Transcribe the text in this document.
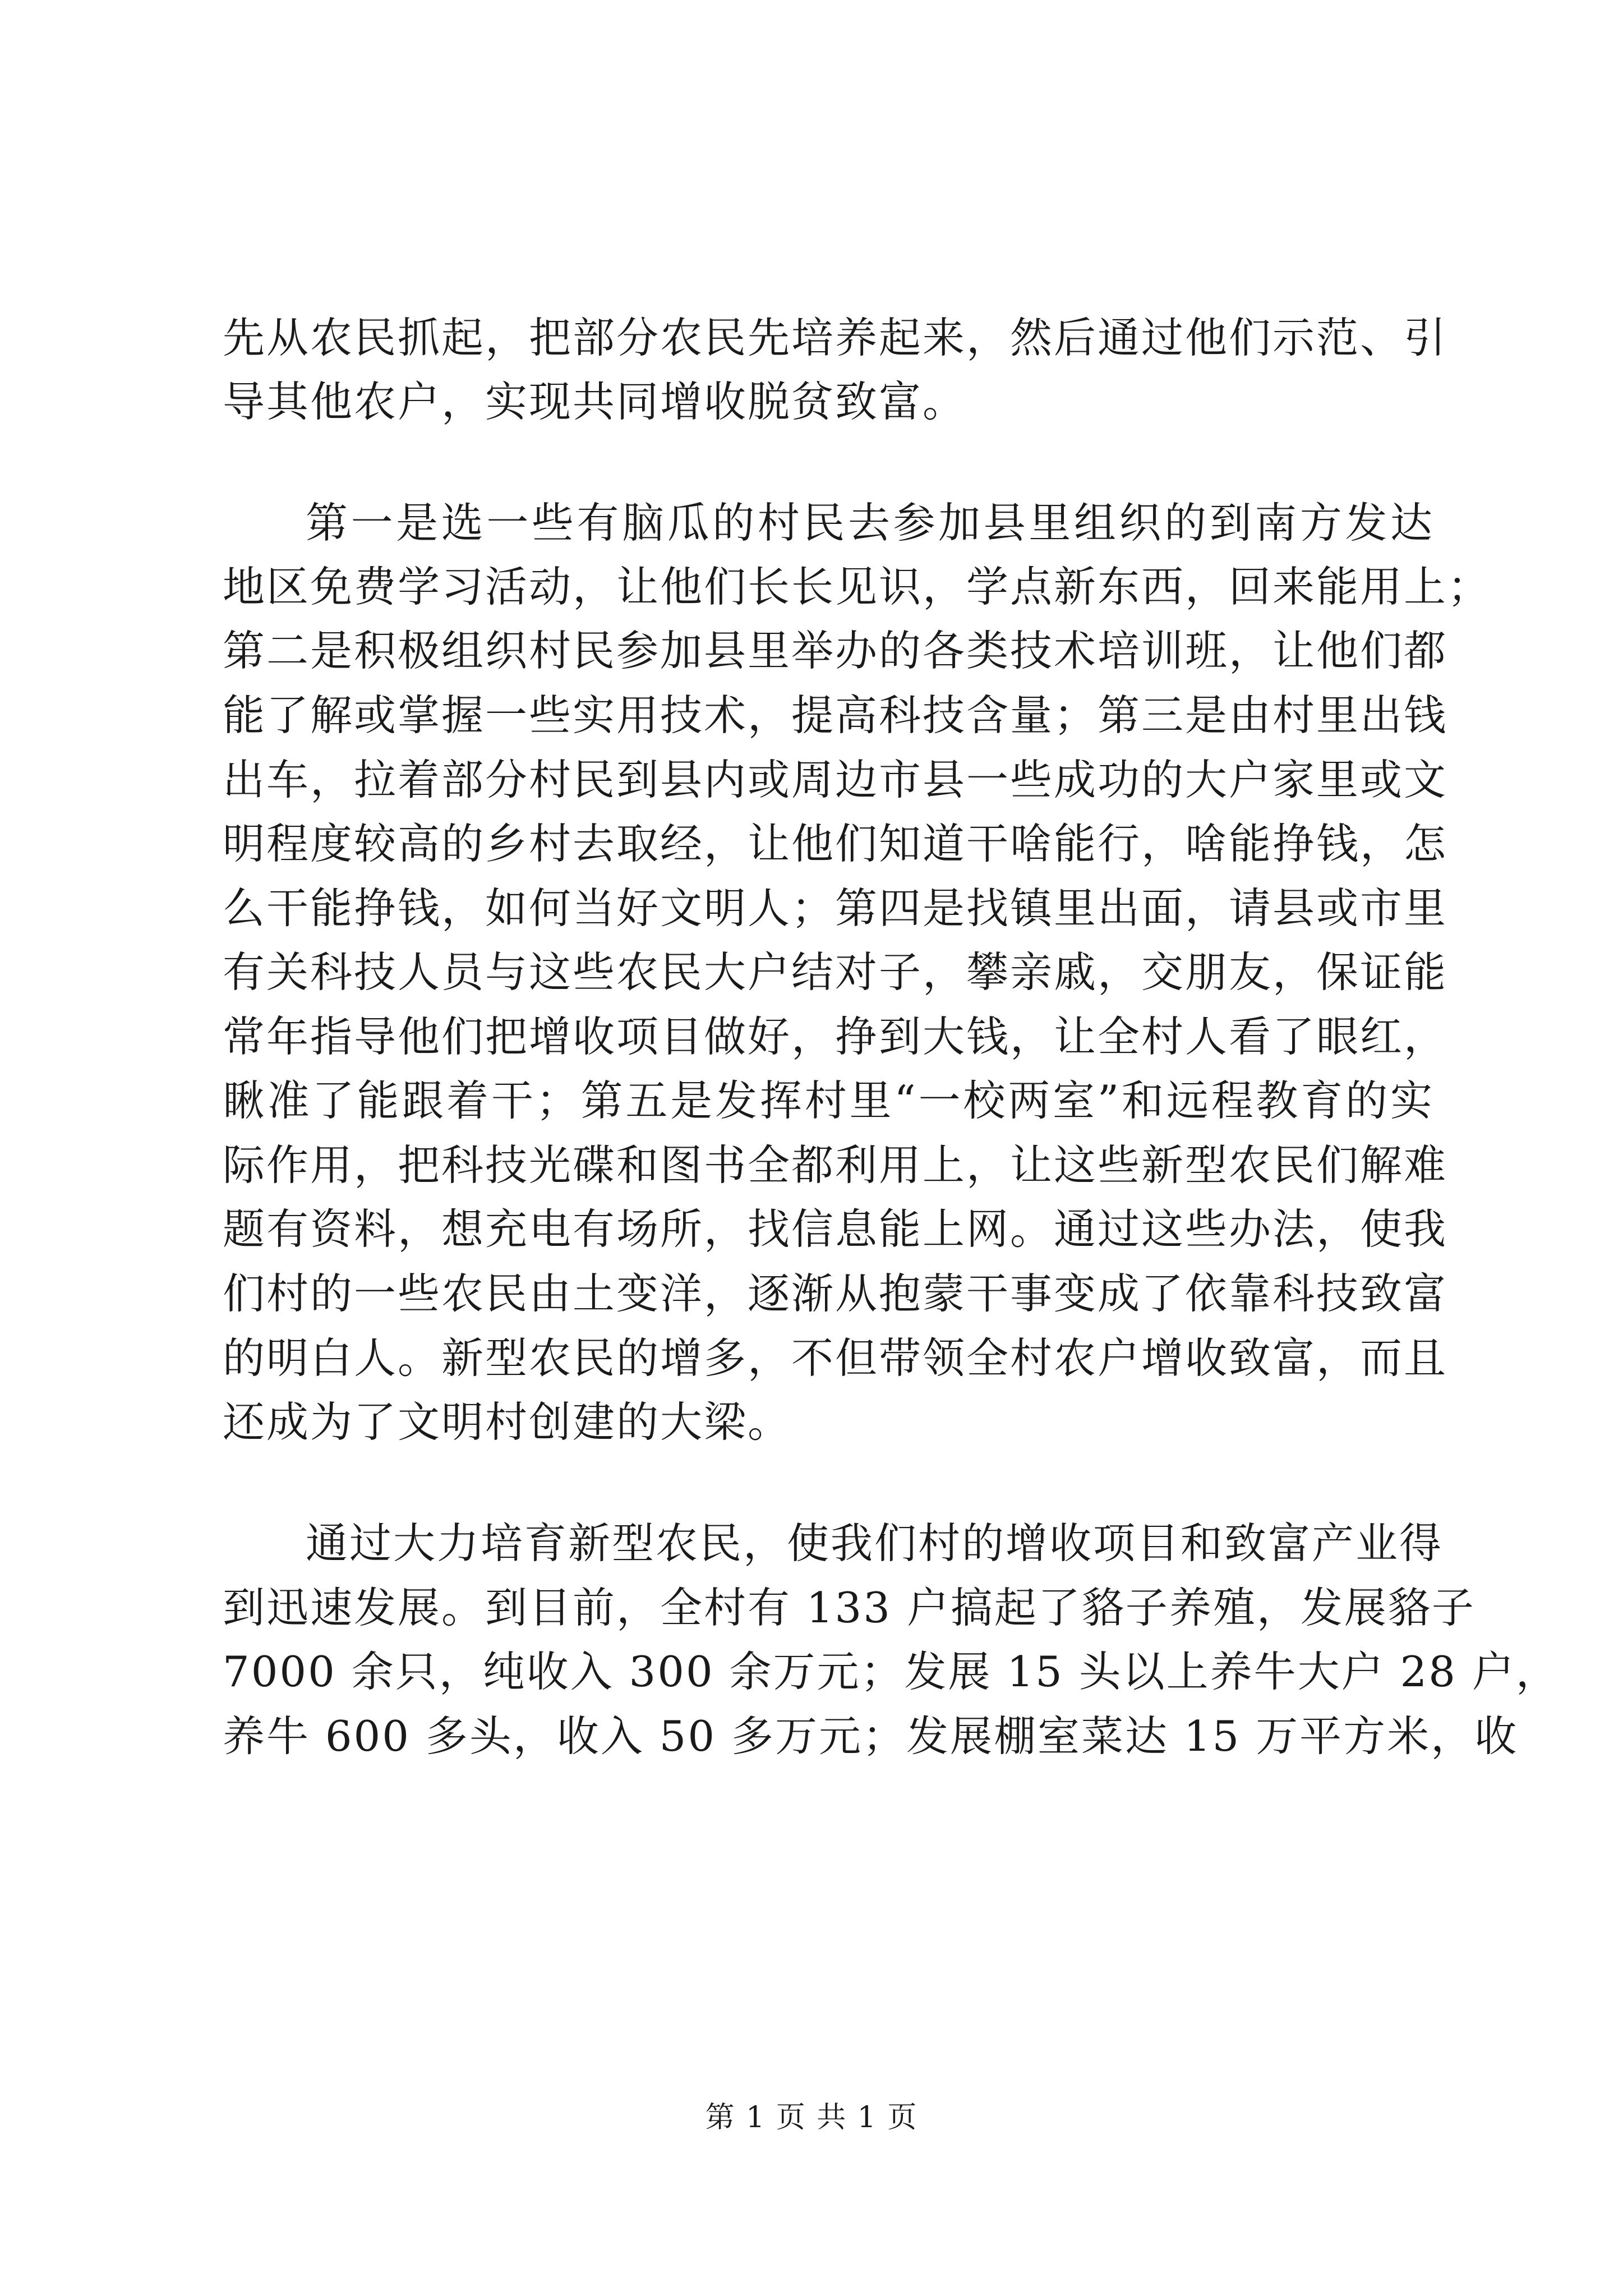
先从农民抓起，把部分农民先培养起来，然后通过他们示范、引
导其他农户，实现共同增收脱贫致富。
第一是选一些有脑瓜的村民去参加县里组织的到南方发达
地区免费学习活动，让他们长长见识，学点新东西，回来能用上；
第二是积极组织村民参加县里举办的各类技术培训班，让他们都
能了解或掌握一些实用技术，提高科技含量；第三是由村里出钱
出车，拉着部分村民到县内或周边市县一些成功的大户家里或文
明程度较高的乡村去取经，让他们知道干啥能行，啥能挣钱，怎
么干能挣钱，如何当好文明人；第四是找镇里出面，请县或市里
有关科技人员与这些农民大户结对子，攀亲戚，交朋友，保证能
常年指导他们把增收项目做好，挣到大钱，让全村人看了眼红，
瞅准了能跟着干；第五是发挥村里“一校两室”和远程教育的实
际作用，把科技光碟和图书全都利用上，让这些新型农民们解难
题有资料，想充电有场所，找信息能上网。通过这些办法，使我
们村的一些农民由土变洋，逐渐从抱蒙干事变成了依靠科技致富
的明白人。新型农民的增多，不但带领全村农户增收致富，而且
还成为了文明村创建的大梁。
通过大力培育新型农民，使我们村的增收项目和致富产业得
到迅速发展。到目前，全村有 133 户搞起了貉子养殖，发展貉子
7000 余只，纯收入 300 余万元；发展 15 头以上养牛大户 28 户，
养牛 600 多头，收入 50 多万元；发展棚室菜达 15 万平方米，收
第 1 页 共 1 页
